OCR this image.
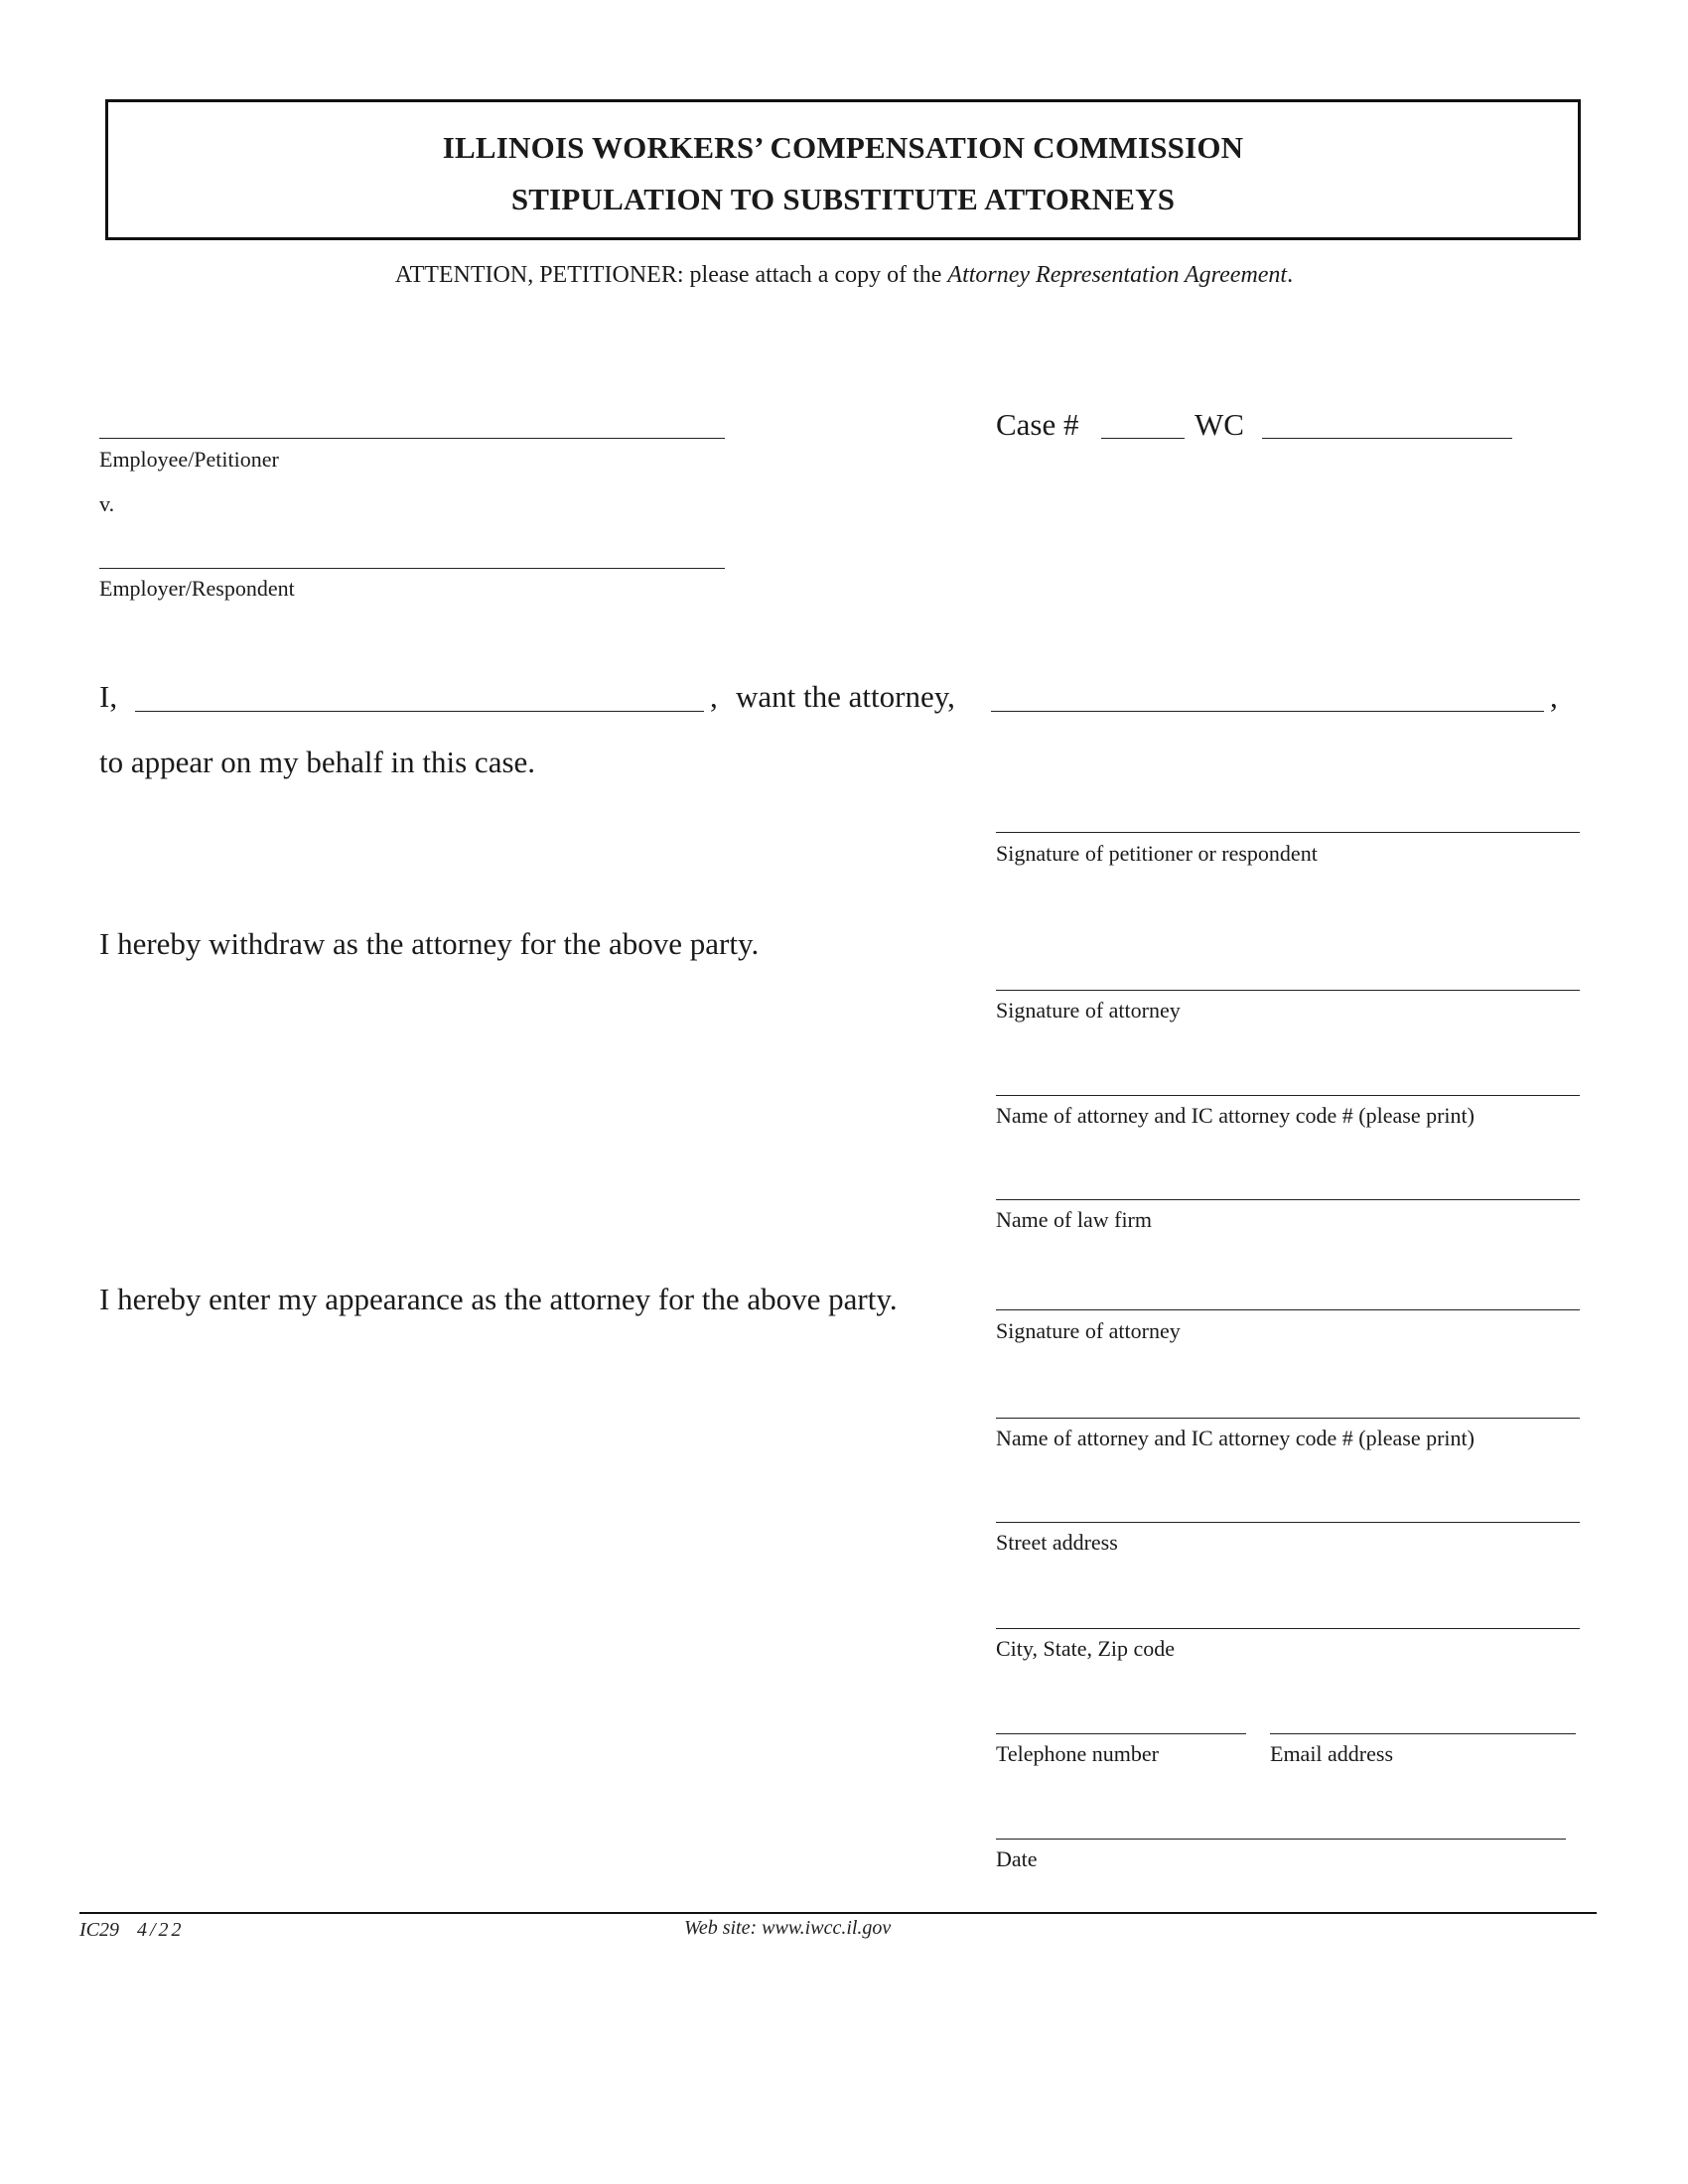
ILLINOIS WORKERS’ COMPENSATION COMMISSION
STIPULATION TO SUBSTITUTE ATTORNEYS
ATTENTION, PETITIONER: please attach a copy of the Attorney Representation Agreement.
Employee/Petitioner
v.
Employer/Respondent
Case #	WC
I,	, want the attorney,	,
to appear on my behalf in this case.
Signature of petitioner or respondent
I hereby withdraw as the attorney for the above party.
Signature of attorney
Name of attorney and IC attorney code # (please print)
Name of law firm
I hereby enter my appearance as the attorney for the above party.
Signature of attorney
Name of attorney and IC attorney code # (please print)
Street address
City, State, Zip code
Telephone number	Email address
Date
IC29 4/22	Web site: www.iwcc.il.gov
